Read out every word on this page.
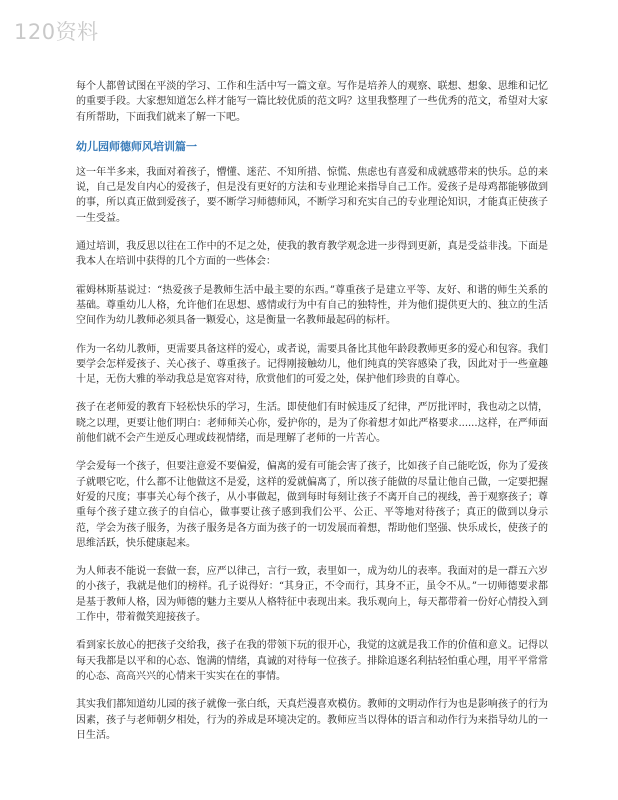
120资料

每个人都曾试图在平淡的学习、工作和生活中写一篇文章。写作是培养人的观察、联想、想象、思维和记忆的重要手段。大家想知道怎么样才能写一篇比较优质的范文吗？这里我整理了一些优秀的范文，希望对大家有所帮助，下面我们就来了解一下吧。

幼儿园师德师风培训篇一

这一年半多来，我面对着孩子，懵懂、迷茫、不知所措、惊慌、焦虑也有喜爱和成就感带来的快乐。总的来说，自己是发自内心的爱孩子，但是没有更好的方法和专业理论来指导自己工作。爱孩子是母鸡都能够做到的事，所以真正做到爱孩子，要不断学习师德师风，不断学习和充实自己的专业理论知识，才能真正使孩子一生受益。

通过培训，我反思以往在工作中的不足之处，使我的教育教学观念进一步得到更新，真是受益非浅。下面是我本人在培训中获得的几个方面的一些体会：

霍姆林斯基说过：“热爱孩子是教师生活中最主要的东西。”尊重孩子是建立平等、友好、和谐的师生关系的基础。尊重幼儿人格，允许他们在思想、感情或行为中有自己的独特性，并为他们提供更大的、独立的生活空间作为幼儿教师必须具备一颗爱心，这是衡量一名教师最起码的标杆。

作为一名幼儿教师，更需要具备这样的爱心，或者说，需要具备比其他年龄段教师更多的爱心和包容。我们要学会怎样爱孩子、关心孩子、尊重孩子。记得刚接触幼儿，他们纯真的笑容感染了我，因此对于一些童趣十足，无伤大雅的举动我总是宽容对待，欣赏他们的可爱之处，保护他们珍贵的自尊心。

孩子在老师爱的教育下轻松快乐的学习，生活。即使他们有时候违反了纪律，严厉批评时，我也动之以情，晓之以理，更要让他们明白：老师师关心你，爱护你的，是为了你着想才如此严格要求......这样，在严师面前他们就不会产生逆反心理或歧视情绪，而是理解了老师的一片苦心。

学会爱每一个孩子，但要注意爱不要偏爱，偏离的爱有可能会害了孩子，比如孩子自己能吃饭，你为了爱孩子就喂它吃，什么都不让他做这不是爱，这样的爱就偏离了，所以孩子能做的尽量让他自己做，一定要把握好爱的尺度；事事关心每个孩子，从小事做起，做到每时每刻让孩子不离开自己的视线，善于观察孩子；尊重每个孩子建立孩子的自信心，做事要让孩子感到我们公平、公正、平等地对待孩子；真正的做到以身示范，学会为孩子服务，为孩子服务是各方面为孩子的一切发展而着想，帮助他们坚强、快乐成长，使孩子的思维活跃，快乐健康起来。

为人师表不能说一套做一套，应严以律己，言行一致，表里如一，成为幼儿的表率。我面对的是一群五六岁的小孩子，我就是他们的榜样。孔子说得好：“其身正，不令而行，其身不正，虽令不从。”一切师德要求都是基于教师人格，因为师德的魅力主要从人格特征中表现出来。我乐观向上，每天都带着一份好心情投入到工作中，带着微笑迎接孩子。

看到家长放心的把孩子交给我，孩子在我的带领下玩的很开心，我觉的这就是我工作的价值和意义。记得以每天我都是以平和的心态、饱满的情绪，真诚的对待每一位孩子。排除追逐名利拈轻怕重心理，用平平常常的心态、高高兴兴的心情来干实实在在的事情。

其实我们都知道幼儿园的孩子就像一张白纸，天真烂漫喜欢模仿。教师的文明动作行为也是影响孩子的行为因素，孩子与老师朝夕相处，行为的养成是环境决定的。教师应当以得体的语言和动作行为来指导幼儿的一日生活。
